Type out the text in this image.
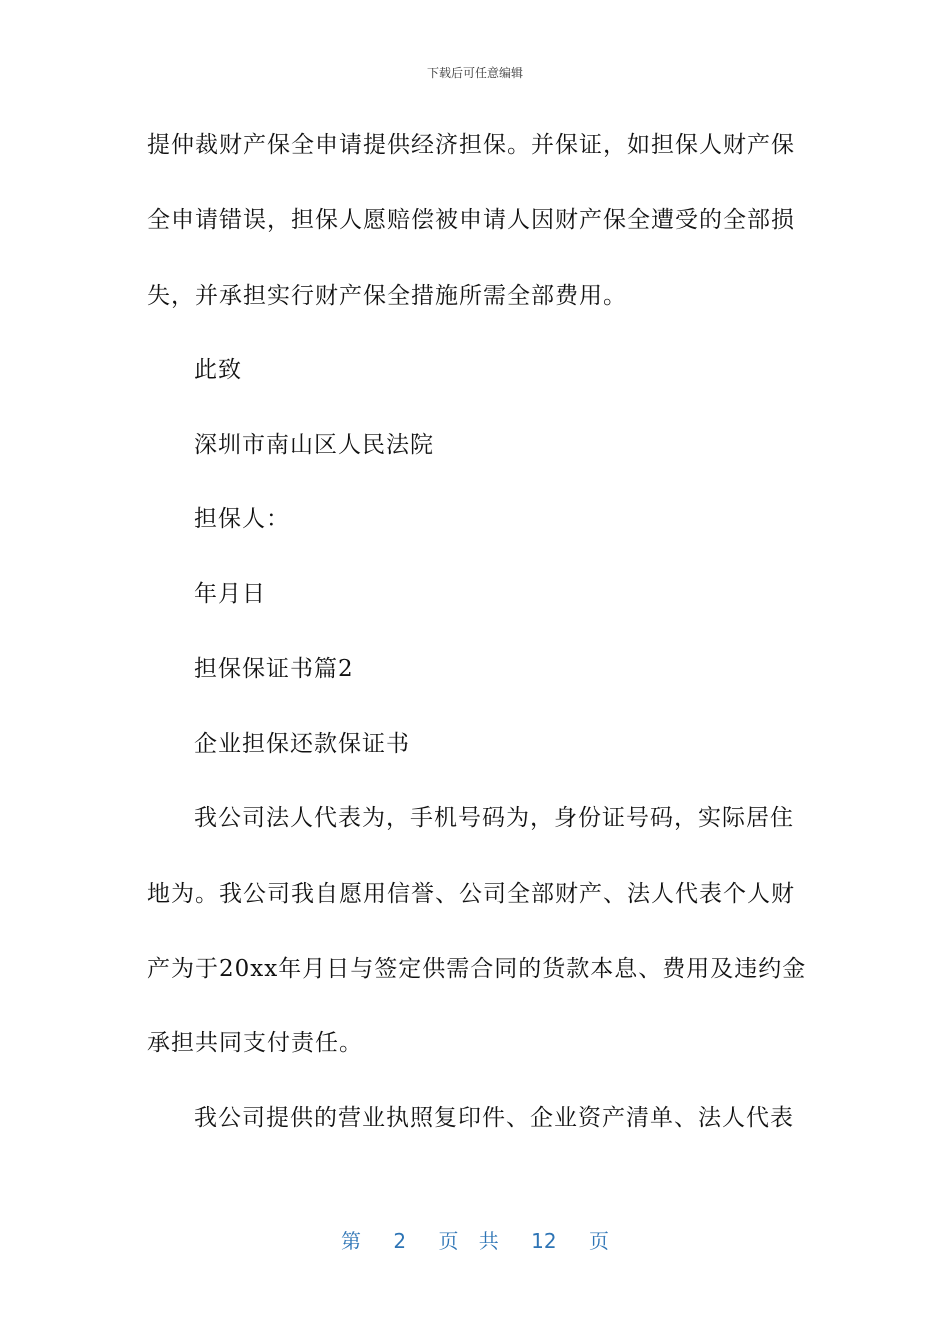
下载后可任意编辑
提仲裁财产保全申请提供经济担保。并保证，如担保人财产保
全申请错误，担保人愿赔偿被申请人因财产保全遭受的全部损
失，并承担实行财产保全措施所需全部费用。
此致
深圳市南山区人民法院
担保人：
年月日
担保保证书篇2
企业担保还款保证书
我公司法人代表为，手机号码为，身份证号码，实际居住
地为。我公司我自愿用信誉、公司全部财产、法人代表个人财
产为于20xx年月日与签定供需合同的货款本息、费用及违约金
承担共同支付责任。
我公司提供的营业执照复印件、企业资产清单、法人代表
第 2 页 共 12 页
